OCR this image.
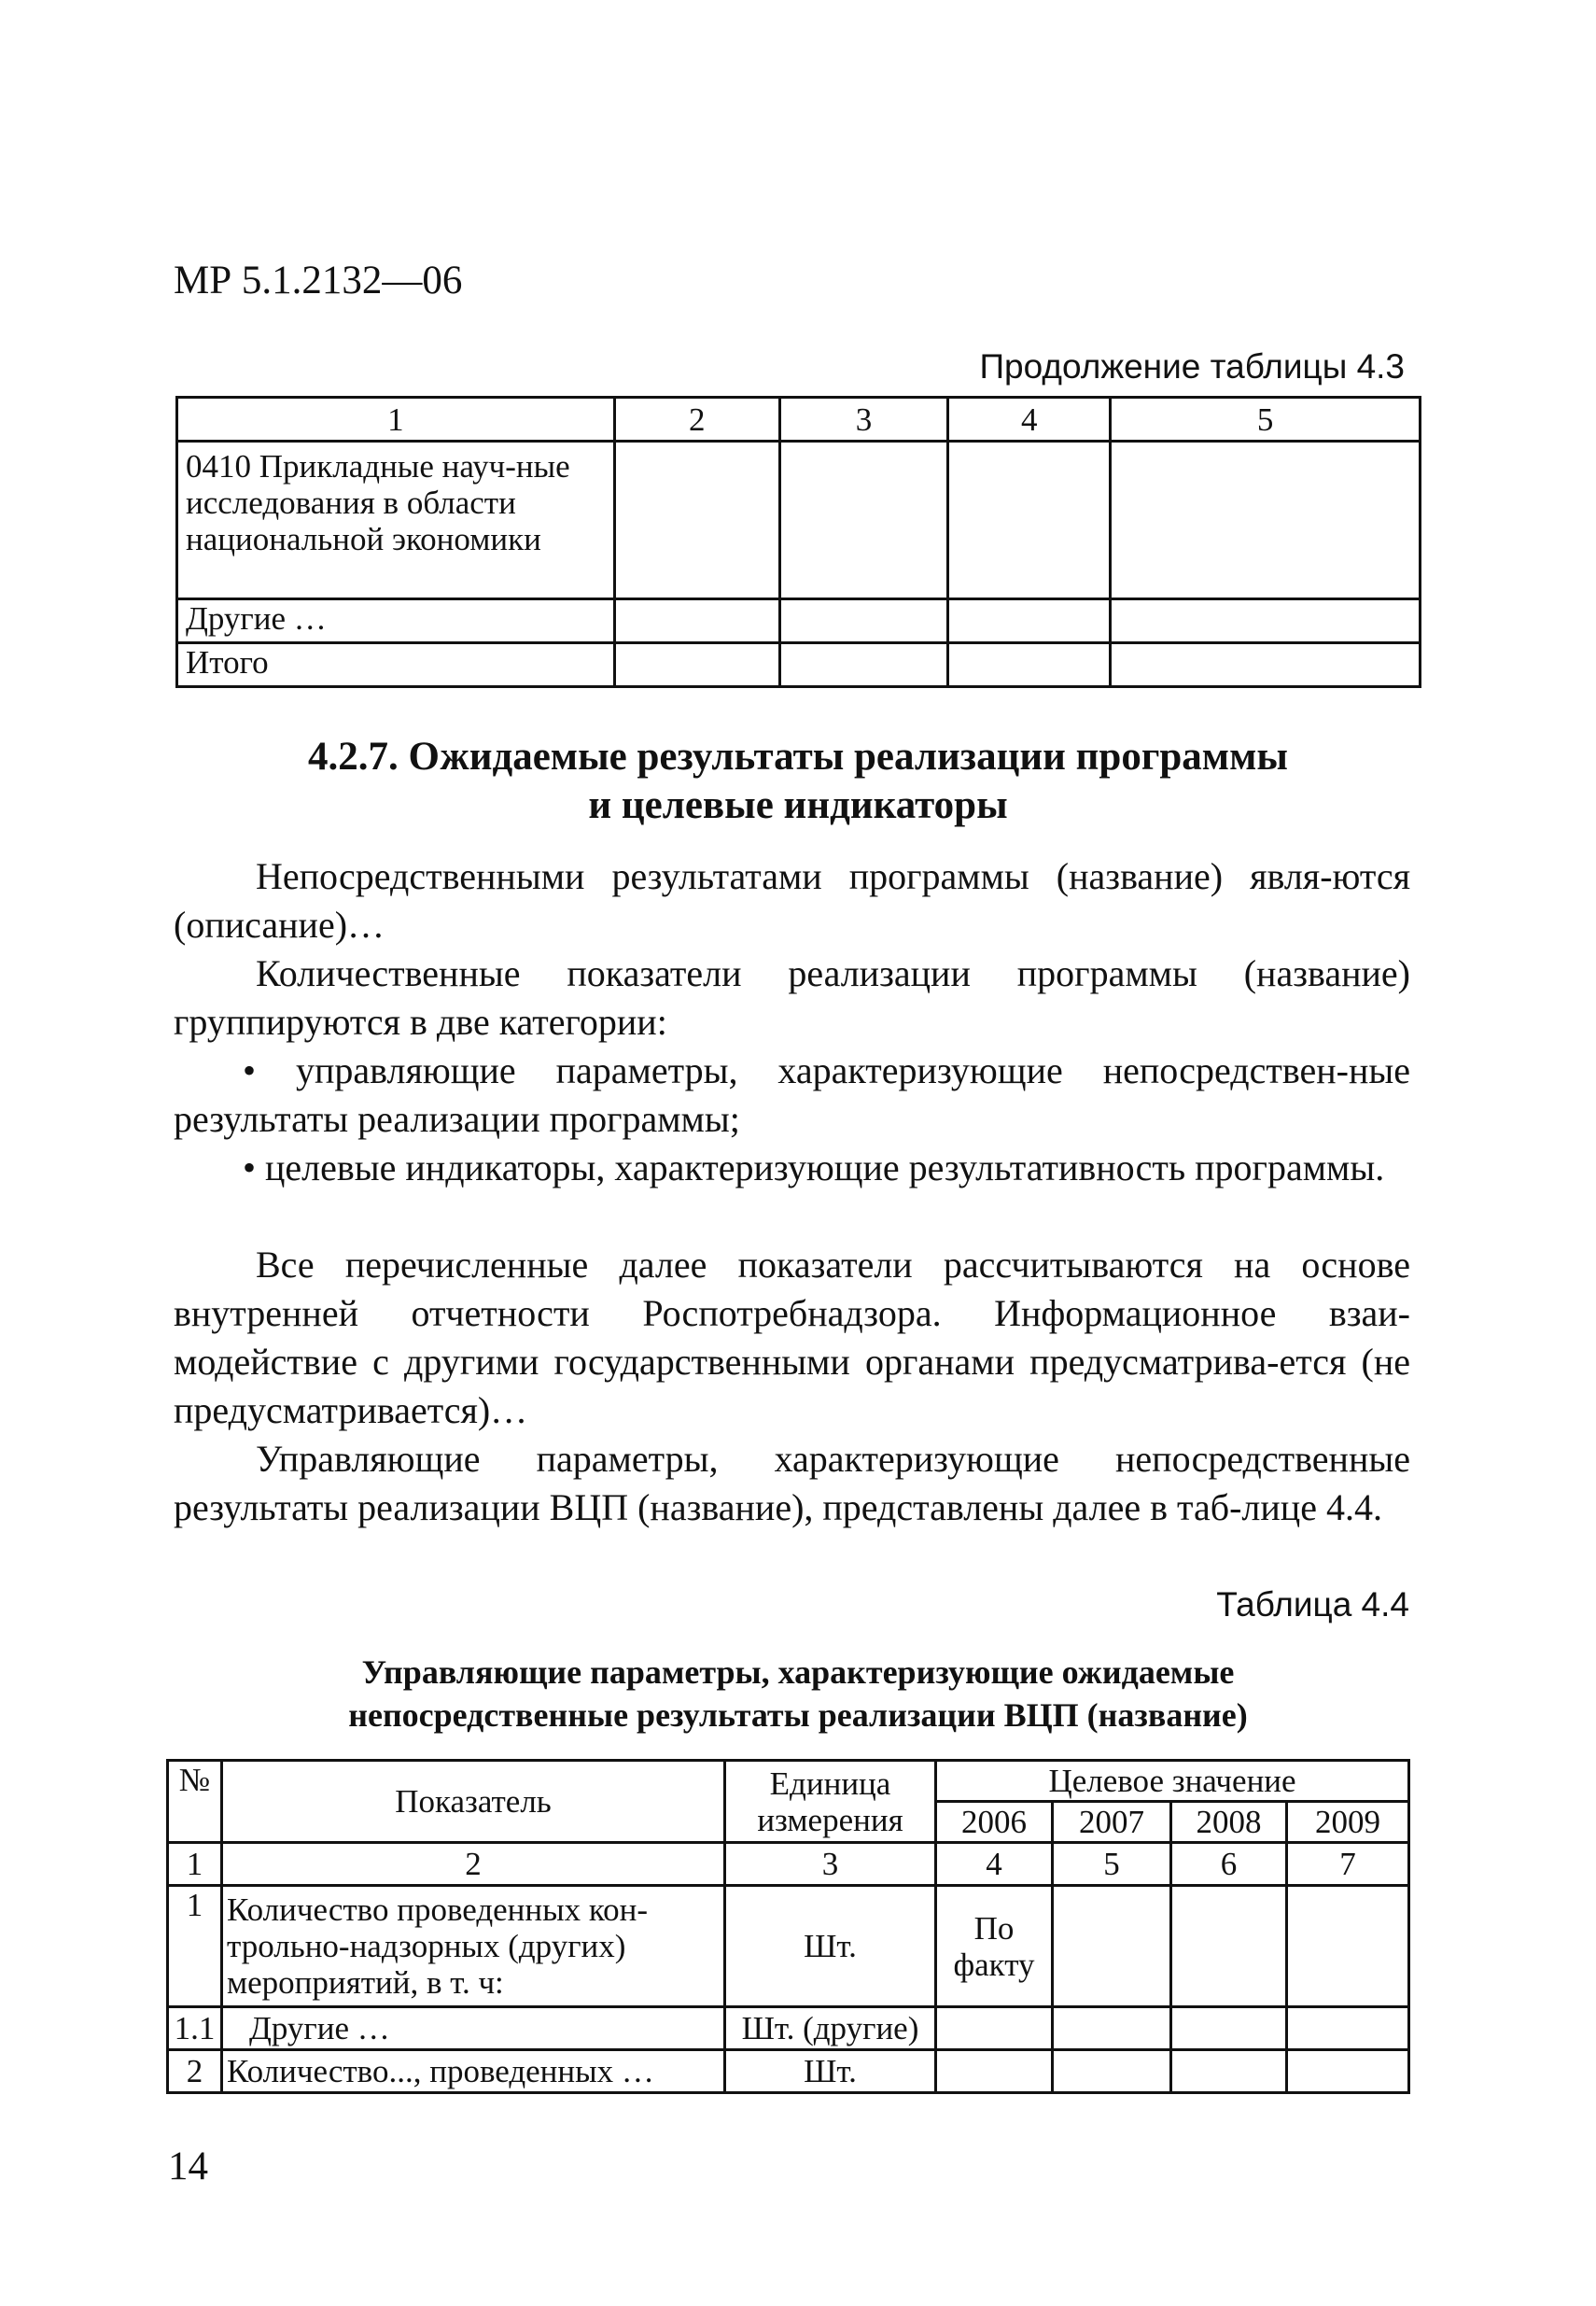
МР 5.1.2132—06
Продолжение таблицы 4.3
1	2	3	4	5
0410 Прикладные науч-ные исследования в области национальной экономики				
Другие …				
Итого				
4.2.7. Ожидаемые результаты реализации программы
и целевые индикаторы
Непосредственными результатами программы (название) явля-ются (описание)…
Количественные показатели реализации программы (название) группируются в две категории:
• управляющие параметры, характеризующие непосредствен-ные результаты реализации программы;
• целевые индикаторы, характеризующие результативность программы.
Все перечисленные далее показатели рассчитываются на основе внутренней отчетности Роспотребнадзора. Информационное взаи-модействие с другими государственными органами предусматрива-ется (не предусматривается)…
Управляющие параметры, характеризующие непосредственные результаты реализации ВЦП (название), представлены далее в таб-лице 4.4.
Таблица 4.4
Управляющие параметры, характеризующие ожидаемые
непосредственные результаты реализации ВЦП (название)
№	Показатель	Единица измерения	Целевое значение			
			2006	2007	2008	2009
1	2	3	4	5	6	7
1	Количество проведенных кон-трольно-надзорных (других) мероприятий, в т. ч:	Шт.	По факту			
1.1	Другие …	Шт. (другие)				
2	Количество..., проведенных …	Шт.				
14
